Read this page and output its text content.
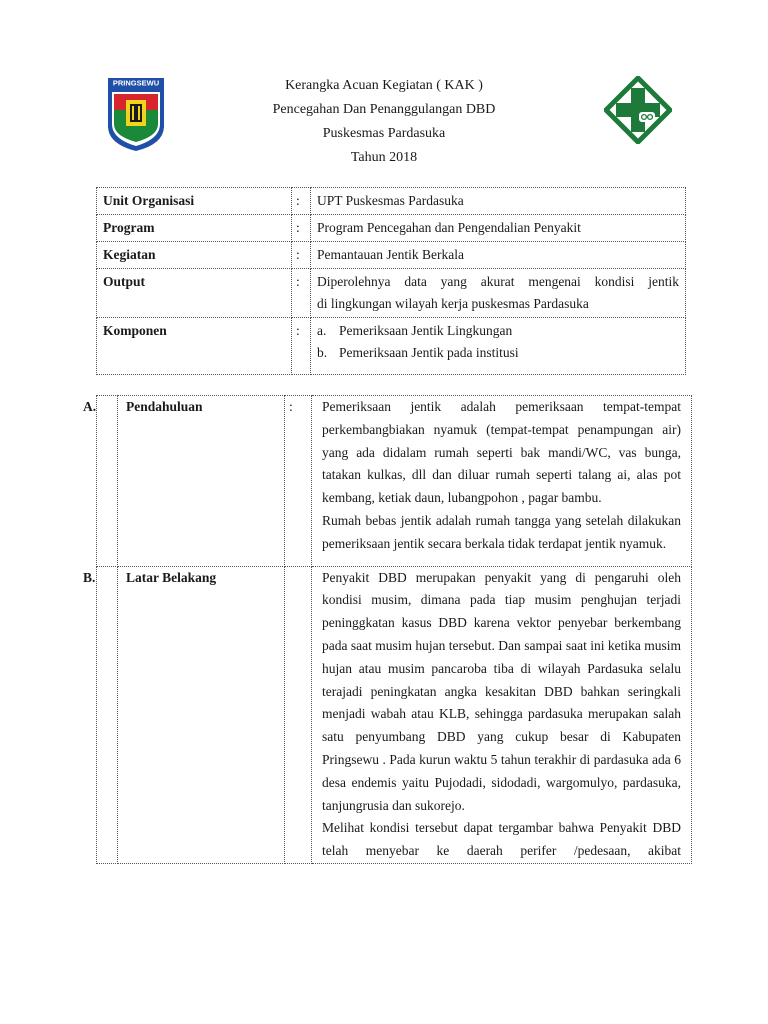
PRINGSEWU	Kerangka Acuan Kegiatan ( KAK )
Pencegahan Dan Penanggulangan DBD
Puskesmas Pardasuka
Tahun 2018
Unit Organisasi	:	UPT Puskesmas Pardasuka
Program	:	Program Pencegahan dan Pengendalian Penyakit
Kegiatan	:	Pemantauan Jentik Berkala
Output	:	Diperolehnya data yang akurat mengenai kondisi jentik
di lingkungan wilayah kerja puskesmas Pardasuka

Komponen	:	a. Pemeriksaan Jentik Lingkungan
b. Pemeriksaan Jentik pada institusi
A.	Pendahuluan	:	Pemeriksaan jentik adalah pemeriksaan tempat-tempat perkembangbiakan nyamuk (tempat-tempat penampungan air) yang ada didalam rumah seperti bak mandi/WC, vas bunga, tatakan kulkas, dll dan diluar rumah seperti talang ai, alas pot kembang, ketiak daun, lubangpohon , pagar bambu.
Rumah bebas jentik adalah rumah tangga yang setelah dilakukan pemeriksaan jentik secara berkala tidak terdapat jentik nyamuk.

B.	Latar Belakang		Penyakit DBD merupakan penyakit yang di pengaruhi oleh kondisi musim, dimana pada tiap musim penghujan terjadi peninggkatan kasus DBD karena vektor penyebar berkembang pada saat musim hujan tersebut. Dan sampai saat ini ketika musim hujan atau musim pancaroba tiba di wilayah Pardasuka selalu terajadi peningkatan angka kesakitan DBD bahkan seringkali menjadi wabah atau KLB, sehingga pardasuka merupakan salah satu penyumbang DBD yang cukup besar di Kabupaten Pringsewu . Pada kurun waktu 5 tahun terakhir di pardasuka ada 6 desa endemis yaitu Pujodadi, sidodadi, wargomulyo, pardasuka, tanjungrusia dan sukorejo.
Melihat kondisi tersebut dapat tergambar bahwa Penyakit DBD telah menyebar ke daerah perifer /pedesaan, akibat
